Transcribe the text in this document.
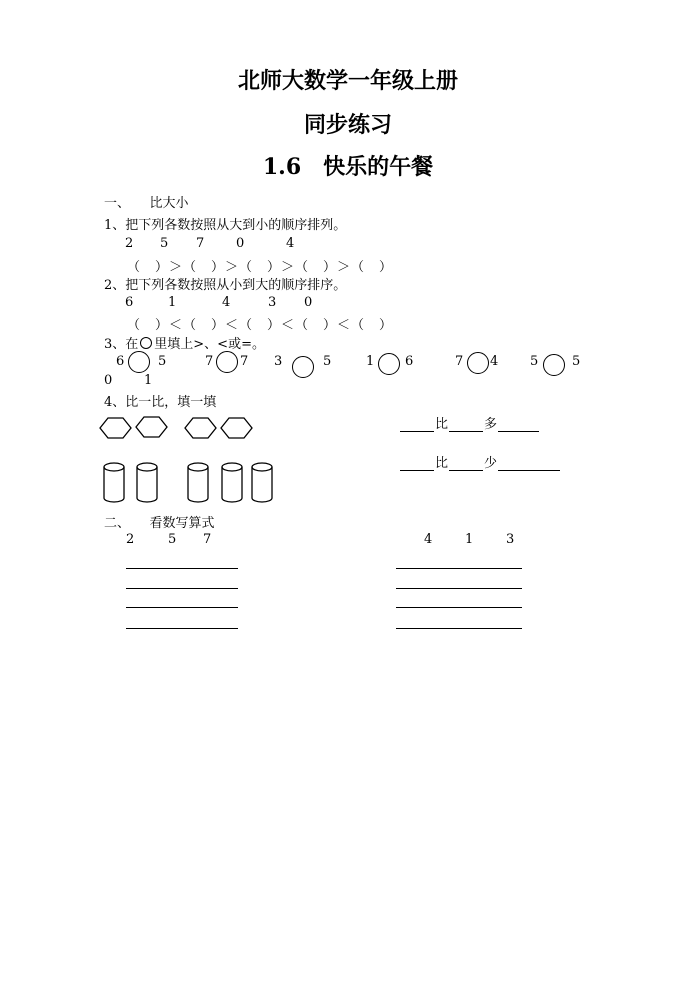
北师大数学一年级上册
同步练习
1.6　快乐的午餐
一、　　比大小
1、把下列各数按照从大到小的顺序排列。
2 5 7 0	4
（　）＞（　）＞（　）＞（　）＞（　）
2、把下列各数按照从小到大的顺序排序。
6	1	4	3 0
（　）＜（　）＜（　）＜（　）＜（　）
3、在 里填上>、<或=。
6	5	7 7 3	5	1 6	7 4 5	5
0 1
4、比一比，填一填
比	多
比	少
二、　　看数写算式
2	5 7	4	1	3
